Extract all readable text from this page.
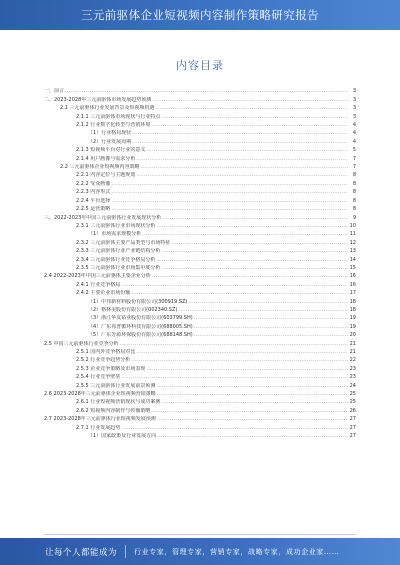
三元前驱体企业短视频内容制作策略研究报告
内容目录
一、前言 .....	3
二、2023-2028年三元前驱体市场发展趋势预测 .....	3
2.1 三元前驱体行业发展背景及短视频机遇 .....	3
2.1.1 三元前驱体市场现状与行业特点 .....	3
2.1.2 行业数字化转型与营销环境 .....	4
（1）行业格局现状 .....	4
（2）行业发展周期 .....	4
2.1.3 短视频平台对行业的意义 .....	5
2.1.4 用户画像与需求分析 .....	7
2.2 三元前驱体企业短视频内容策略 .....	7
2.2.1 内容定位与主题规划 .....	8
2.2.2 受众画像 .....	8
2.2.3 内容形式 .....	8
2.2.4 平台选择 .....	8
2.2.5 运营策略 .....	8
三、2022-2023年中国三元前驱体行业发展现状分析 .....	9
2.3.1 三元前驱体行业市场现状分析 .....	10
（1）市场需求规模分析 .....	11
2.3.2 三元前驱体主要产品类型与市场特征 .....	12
2.3.3 三元前驱体行业产业链结构分析 .....	13
2.3.4 三元前驱体行业竞争格局分析 .....	14
2.3.5 三元前驱体行业市场集中度分析 .....	15
2.4 2022-2023年中国三元前驱体主要企业分析 .....	16
2.4.1 行业竞争格局 .....	16
2.4.2 主要企业市场份额 .....	17
（1）中伟新材料股份有限公司(300919.SZ) .....	18
（2）格林美股份有限公司(002340.SZ) .....	18
（3）浙江华友钴业股份有限公司(603799.SH) .....	19
（4）广东邦普循环科技有限公司(688005.SH) .....	19
（5）广东芳源环保股份有限公司(688148.SH) .....	20
2.5 中国三元前驱体行业竞争分析 .....	21
2.5.1 国内外竞争格局对比 .....	21
2.5.2 行业竞争趋势分析 .....	22
2.5.3 企业竞争策略及市场表现 .....	23
2.5.4 行业竞争壁垒 .....	23
2.5.5 三元前驱体行业发展前景预测 .....	24
2.6 2023-2028年三元前驱体企业短视频营销策略 .....	25
2.6.1 行业短视频营销现状与成功案例 .....	25
2.6.2 短视频内容制作与传播策略 .....	26
2.7 2023-2028年三元前驱体行业短视频发展预测 .....	27
2.7.1 行业发展趋势 .....	27
（1）国家政策及行业发展方向 .....	27
让每个人都能成为 行业专家，管理专家，营销专家，战略专家，成功企业家……
